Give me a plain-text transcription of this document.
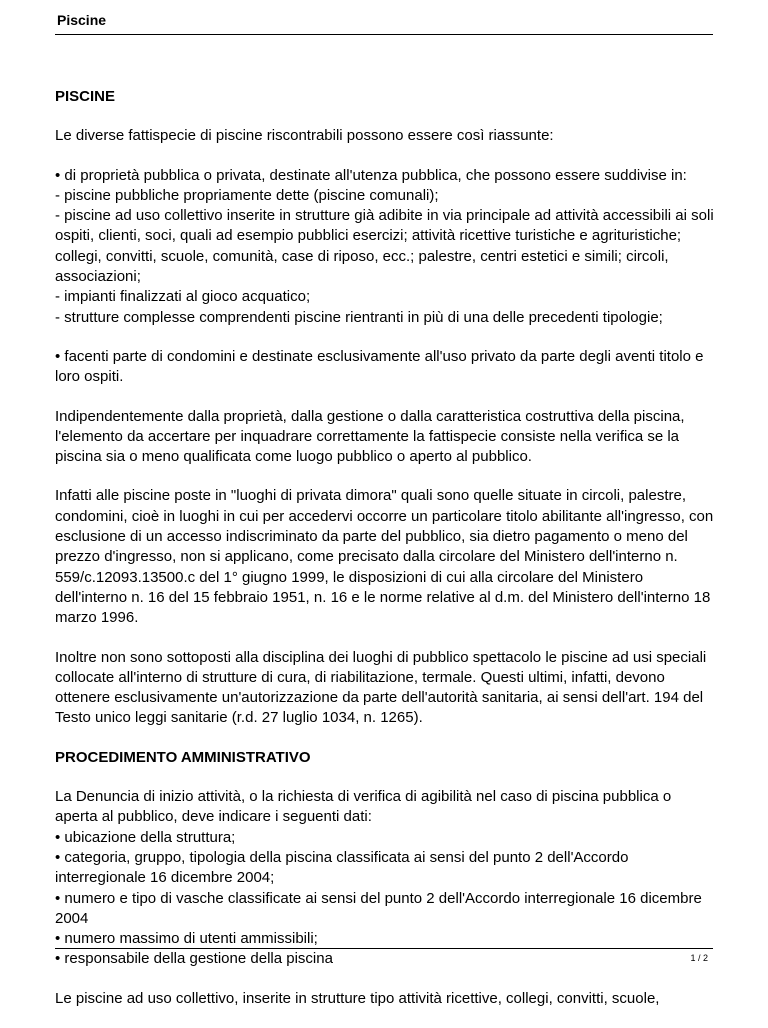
Piscine
PISCINE

Le diverse fattispecie di piscine riscontrabili possono essere così riassunte:

• di proprietà pubblica o privata, destinate all'utenza pubblica, che possono essere suddivise in:
- piscine pubbliche propriamente dette (piscine comunali);
- piscine ad uso collettivo inserite in strutture già adibite in via principale ad attività accessibili ai soli ospiti, clienti, soci, quali ad esempio pubblici esercizi; attività ricettive turistiche e agrituristiche; collegi, convitti, scuole, comunità, case di riposo, ecc.; palestre, centri estetici e simili; circoli, associazioni;
- impianti finalizzati al gioco acquatico;
- strutture complesse comprendenti piscine rientranti in più di una delle precedenti tipologie;

• facenti parte di condomini e destinate esclusivamente all'uso privato da parte degli aventi titolo e loro ospiti.

Indipendentemente dalla proprietà, dalla gestione o dalla caratteristica costruttiva della piscina, l'elemento da accertare per inquadrare correttamente la fattispecie consiste nella verifica se la piscina sia o meno qualificata come luogo pubblico o aperto al pubblico.

Infatti alle piscine poste in "luoghi di privata dimora" quali sono quelle situate in circoli, palestre, condomini, cioè in luoghi in cui per accedervi occorre un particolare titolo abilitante all'ingresso, con esclusione di un accesso indiscriminato da parte del pubblico, sia dietro pagamento o meno del prezzo d'ingresso, non si applicano, come precisato dalla circolare del Ministero dell'interno n. 559/c.12093.13500.c del 1° giugno 1999, le disposizioni di cui alla circolare del Ministero dell'interno n. 16 del 15 febbraio 1951, n. 16 e le norme relative al d.m. del Ministero dell'interno 18 marzo 1996.

Inoltre non sono sottoposti alla disciplina dei luoghi di pubblico spettacolo le piscine ad usi speciali collocate all'interno di strutture di cura, di riabilitazione, termale. Questi ultimi, infatti, devono ottenere esclusivamente un'autorizzazione da parte dell'autorità sanitaria, ai sensi dell'art. 194 del Testo unico leggi sanitarie (r.d. 27 luglio 1034, n. 1265).

PROCEDIMENTO AMMINISTRATIVO

La Denuncia di inizio attività, o la richiesta di verifica di agibilità nel caso di piscina pubblica o aperta al pubblico, deve indicare i seguenti dati:
• ubicazione della struttura;
• categoria, gruppo, tipologia della piscina classificata ai sensi del punto 2 dell'Accordo interregionale 16 dicembre 2004;
• numero e tipo di vasche classificate ai sensi del punto 2 dell'Accordo interregionale 16 dicembre 2004
• numero massimo di utenti ammissibili;
• responsabile della gestione della piscina

Le piscine ad uso collettivo, inserite in strutture tipo attività ricettive, collegi, convitti, scuole,

1 / 2
